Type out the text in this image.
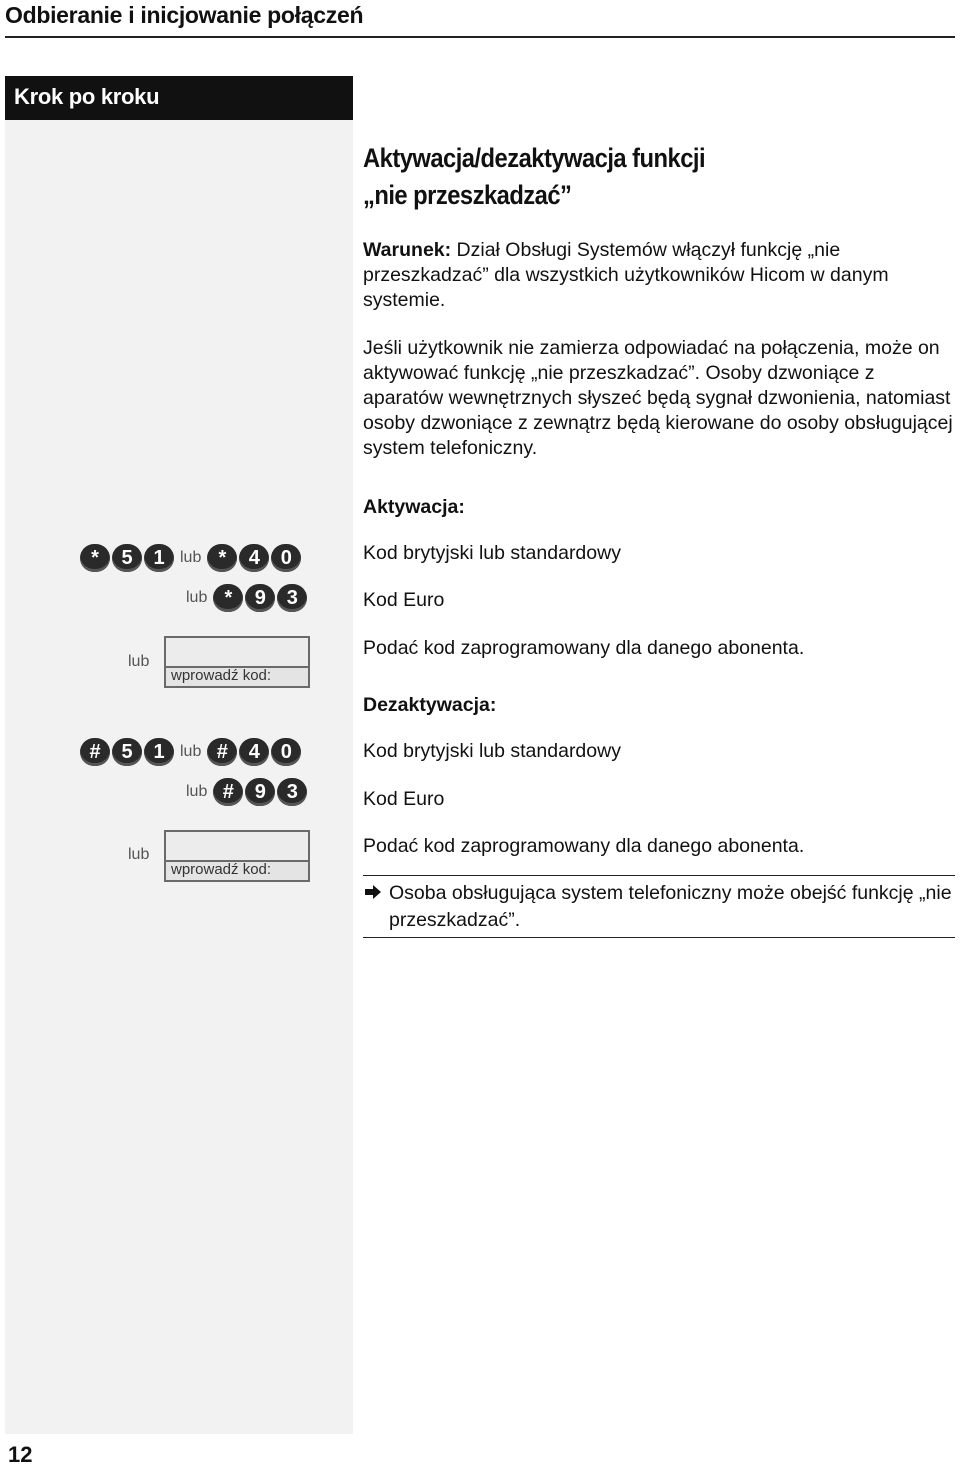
Odbieranie i inicjowanie połączeń
Krok po kroku
Aktywacja/dezaktywacja funkcji
„nie przeszkadzać”
Warunek: Dział Obsługi Systemów włączył funkcję „nie przeszkadzać” dla wszystkich użytkowników Hicom w danym systemie.
Jeśli użytkownik nie zamierza odpowiadać na połączenia, może on aktywować funkcję „nie przeszkadzać”. Osoby dzwoniące z aparatów wewnętrznych słyszeć będą sygnał dzwonienia, natomiast osoby dzwoniące z zewnątrz będą kierowane do osoby obsługującej system telefoniczny.
Aktywacja:
Kod brytyjski lub standardowy
Kod Euro
Podać kod zaprogramowany dla danego abonenta.
*	5	1 lub *	4	0
lub *	9	3
lub
wprowadź kod:
Dezaktywacja:
Kod brytyjski lub standardowy
Kod Euro
Podać kod zaprogramowany dla danego abonenta.
#	5	1 lub #	4	0
lub #	9	3
lub
wprowadź kod:
Osoba obsługująca system telefoniczny może obejść funkcję „nie przeszkadzać”.
12
